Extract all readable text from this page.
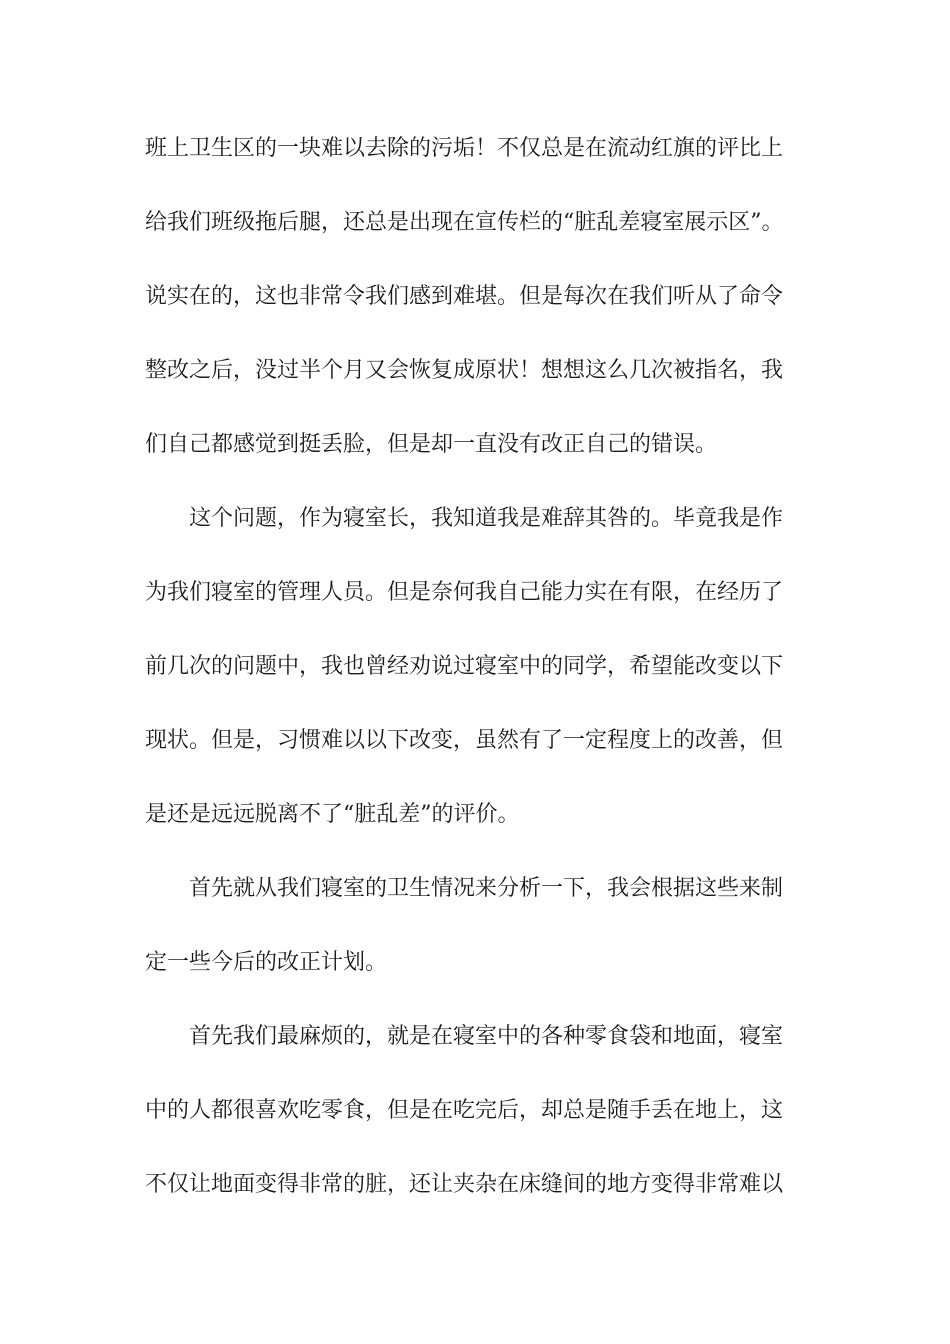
班上卫生区的一块难以去除的污垢！不仅总是在流动红旗的评比上
给我们班级拖后腿，还总是出现在宣传栏的“脏乱差寝室展示区”。
说实在的，这也非常令我们感到难堪。但是每次在我们听从了命令
整改之后，没过半个月又会恢复成原状！想想这么几次被指名，我
们自己都感觉到挺丢脸，但是却一直没有改正自己的错误。
这个问题，作为寝室长，我知道我是难辞其咎的。毕竟我是作
为我们寝室的管理人员。但是奈何我自己能力实在有限，在经历了
前几次的问题中，我也曾经劝说过寝室中的同学，希望能改变以下
现状。但是，习惯难以以下改变，虽然有了一定程度上的改善，但
是还是远远脱离不了“脏乱差”的评价。
首先就从我们寝室的卫生情况来分析一下，我会根据这些来制
定一些今后的改正计划。
首先我们最麻烦的，就是在寝室中的各种零食袋和地面，寝室
中的人都很喜欢吃零食，但是在吃完后，却总是随手丢在地上，这
不仅让地面变得非常的脏，还让夹杂在床缝间的地方变得非常难以
